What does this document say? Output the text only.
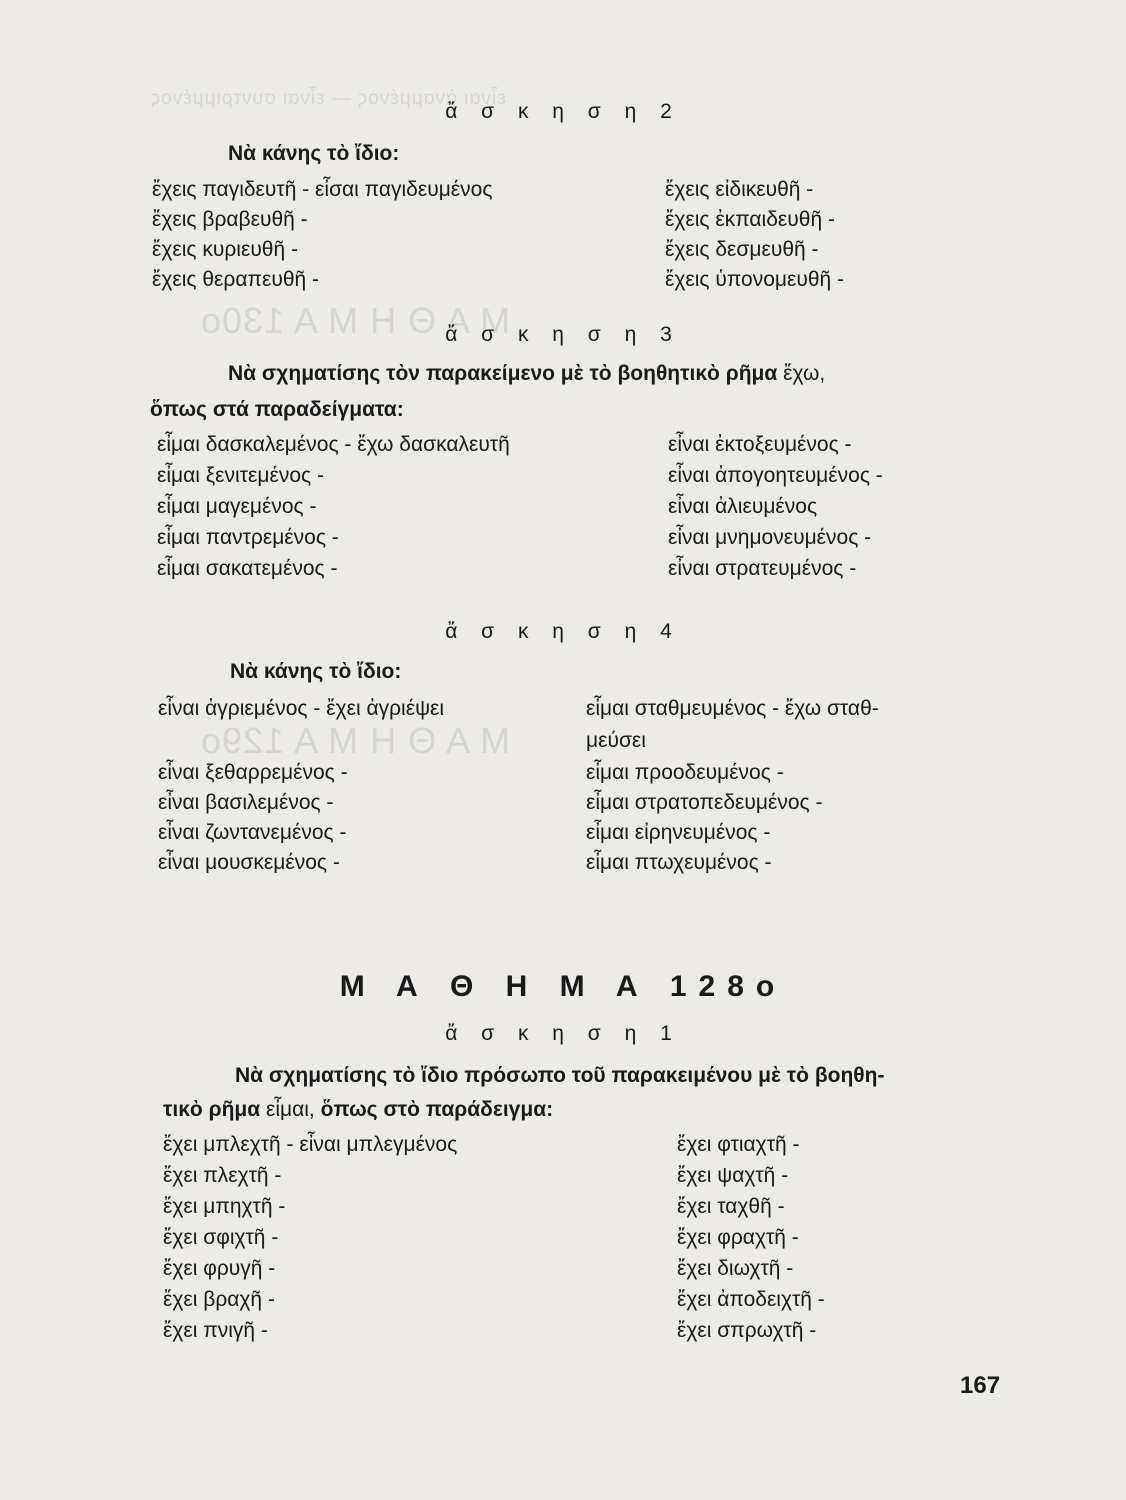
εἶναι ἀναμμένος — εἶναι συντριμμένος
Μ Α Θ Η Μ Α 130ο
Μ Α Θ Η Μ Α 129ο
ἄ σ κ η σ η 2
Νὰ κάνης τὸ ἴδιο:
ἔχεις παγιδευτῆ - εἶσαι παγιδευμένος
ἔχεις βραβευθῆ -
ἔχεις κυριευθῆ -
ἔχεις θεραπευθῆ -
ἔχεις εἰδικευθῆ -
ἔχεις ἐκπαιδευθῆ -
ἔχεις δεσμευθῆ -
ἔχεις ὑπονομευθῆ -
ἄ σ κ η σ η 3
Νὰ σχηματίσης τὸν παρακείμενο μὲ τὸ βοηθητικὸ ρῆμα ἔχω,
ὅπως στά παραδείγματα:
εἶμαι δασκαλεμένος - ἔχω δασκαλευτῆ
εἶμαι ξενιτεμένος -
εἶμαι μαγεμένος -
εἶμαι παντρεμένος -
εἶμαι σακατεμένος -
εἶναι ἐκτοξευμένος -
εἶναι ἀπογοητευμένος -
εἶναι ἀλιευμένος
εἶναι μνημονευμένος -
εἶναι στρατευμένος -
ἄ σ κ η σ η 4
Νὰ κάνης τὸ ἴδιο:
εἶναι ἀγριεμένος - ἔχει ἀγριέψει
εἶναι ξεθαρρεμένος -
εἶναι βασιλεμένος -
εἶναι ζωντανεμένος -
εἶναι μουσκεμένος -
εἶμαι σταθμευμένος - ἔχω σταθ-
μεύσει
εἶμαι προοδευμένος -
εἶμαι στρατοπεδευμένος -
εἶμαι εἰρηνευμένος -
εἶμαι πτωχευμένος -
Μ Α Θ Η Μ Α 128ο
ἄ σ κ η σ η 1
Νὰ σχηματίσης τὸ ἴδιο πρόσωπο τοῦ παρακειμένου μὲ τὸ βοηθη-
τικὸ ρῆμα εἶμαι, ὅπως στὸ παράδειγμα:
ἔχει μπλεχτῆ - εἶναι μπλεγμένος
ἔχει πλεχτῆ -
ἔχει μπηχτῆ -
ἔχει σφιχτῆ -
ἔχει φρυγῆ -
ἔχει βραχῆ -
ἔχει πνιγῆ -
ἔχει φτιαχτῆ -
ἔχει ψαχτῆ -
ἔχει ταχθῆ -
ἔχει φραχτῆ -
ἔχει διωχτῆ -
ἔχει ἀποδειχτῆ -
ἔχει σπρωχτῆ -
167
